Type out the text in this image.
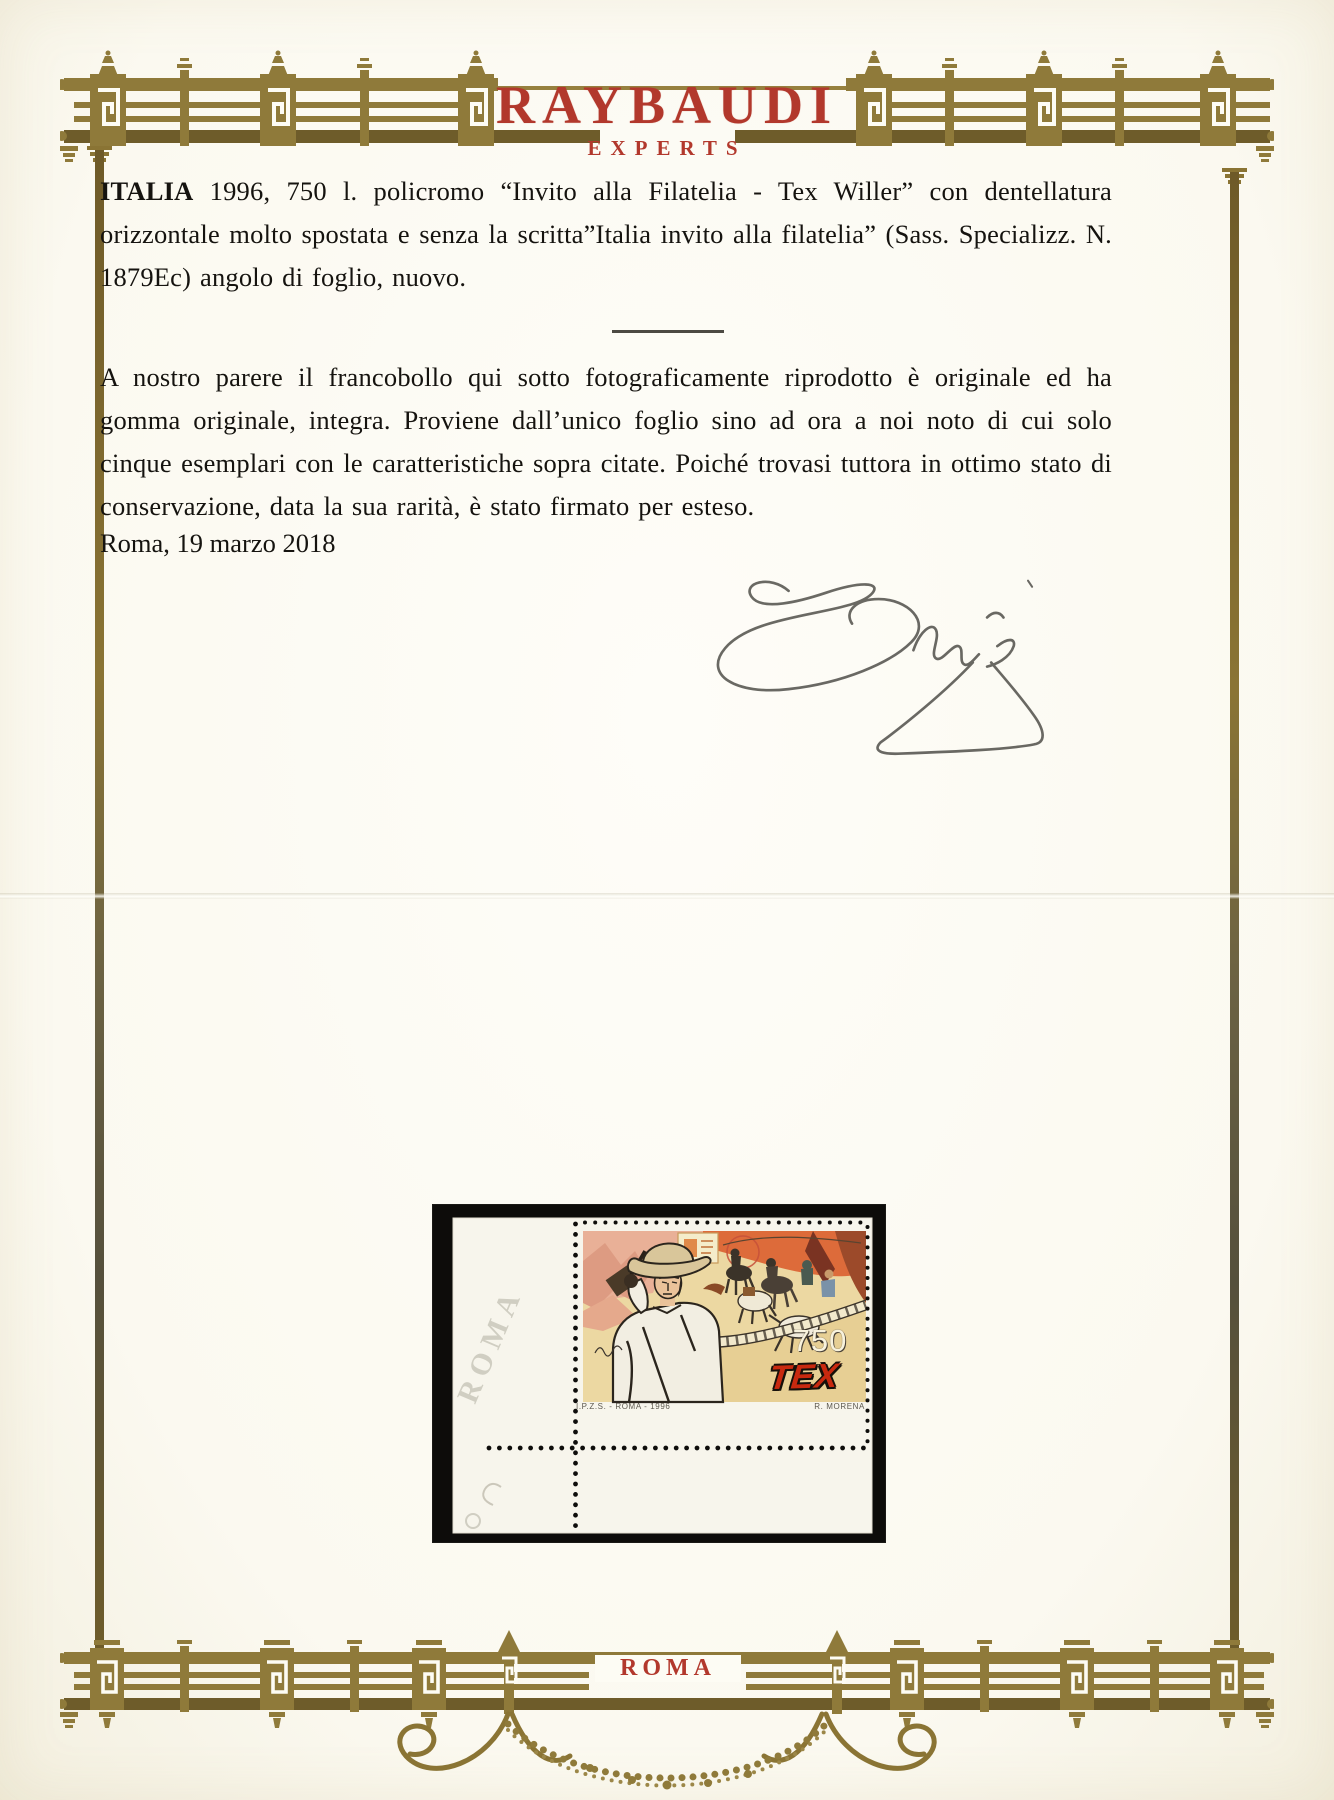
RAYBAUDI
EXPERTS
ITALIA 1996, 750 l. policromo “Invito alla Filatelia - Tex Willer” con dentellatura orizzontale molto spostata e senza la scritta”Italia invito alla filatelia” (Sass. Specializz. N. 1879Ec) angolo di foglio, nuovo.
A nostro parere il francobollo qui sotto fotograficamente riprodotto è originale ed ha gomma originale, integra. Proviene dall’unico foglio sino ad ora a noi noto di cui solo cinque esemplari con le caratteristiche sopra citate. Poiché trovasi tuttora in ottimo stato di conservazione, data la sua rarità, è stato firmato per esteso.
Roma, 19 marzo 2018
ROMA	750
TEX
I.P.Z.S. - ROMA - 1996	R. MORENA
ROMA
